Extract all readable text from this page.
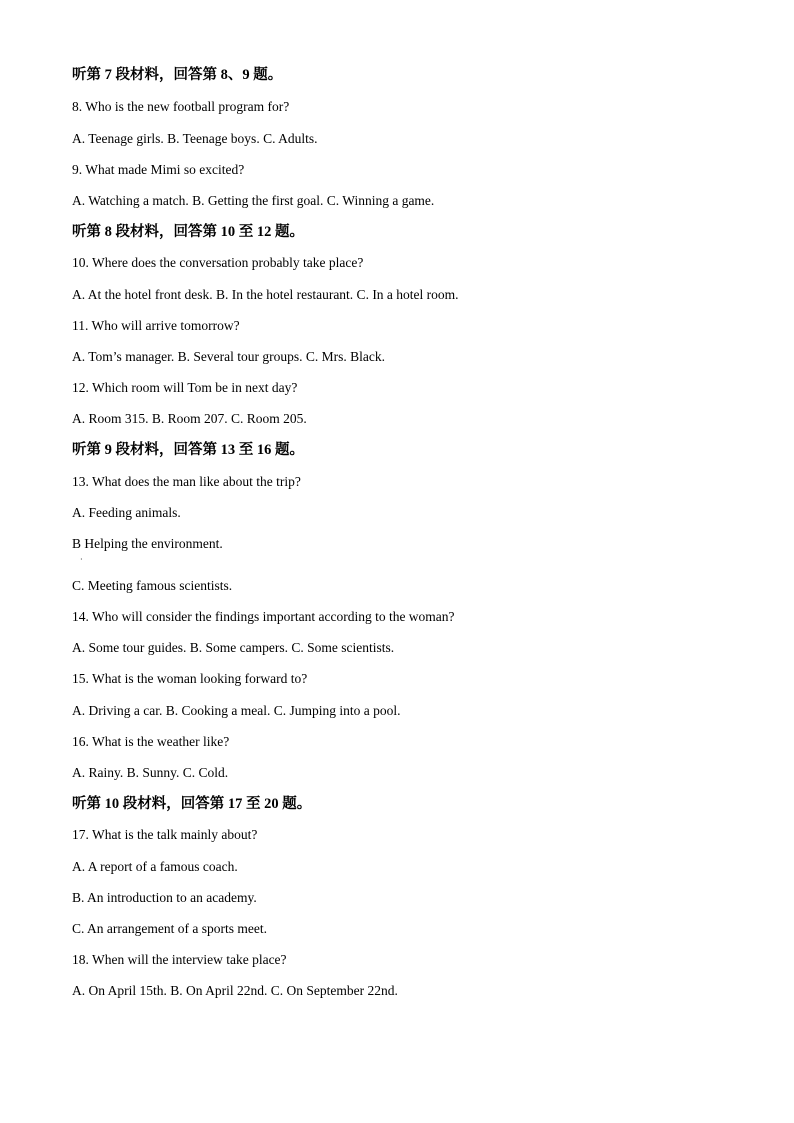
听第 7 段材料，回答第 8、9 题。

8. Who is the new football program for?

A. Teenage girls. B. Teenage boys. C. Adults.

9. What made Mimi so excited?

A. Watching a match. B. Getting the first goal. C. Winning a game.

听第 8 段材料，回答第 10 至 12 题。

10. Where does the conversation probably take place?

A. At the hotel front desk. B. In the hotel restaurant. C. In a hotel room.

11. Who will arrive tomorrow?

A. Tom’s manager. B. Several tour groups. C. Mrs. Black.

12. Which room will Tom be in next day?

A. Room 315. B. Room 207. C. Room 205.

听第 9 段材料，回答第 13 至 16 题。

13. What does the man like about the trip?

A. Feeding animals.

B Helping the environment.

·

C. Meeting famous scientists.

14. Who will consider the findings important according to the woman?

A. Some tour guides. B. Some campers. C. Some scientists.

15. What is the woman looking forward to?

A. Driving a car. B. Cooking a meal. C. Jumping into a pool.

16. What is the weather like?

A. Rainy. B. Sunny. C. Cold.

听第 10 段材料，回答第 17 至 20 题。

17. What is the talk mainly about?

A. A report of a famous coach.

B. An introduction to an academy.

C. An arrangement of a sports meet.

18. When will the interview take place?

A. On April 15th. B. On April 22nd. C. On September 22nd.
